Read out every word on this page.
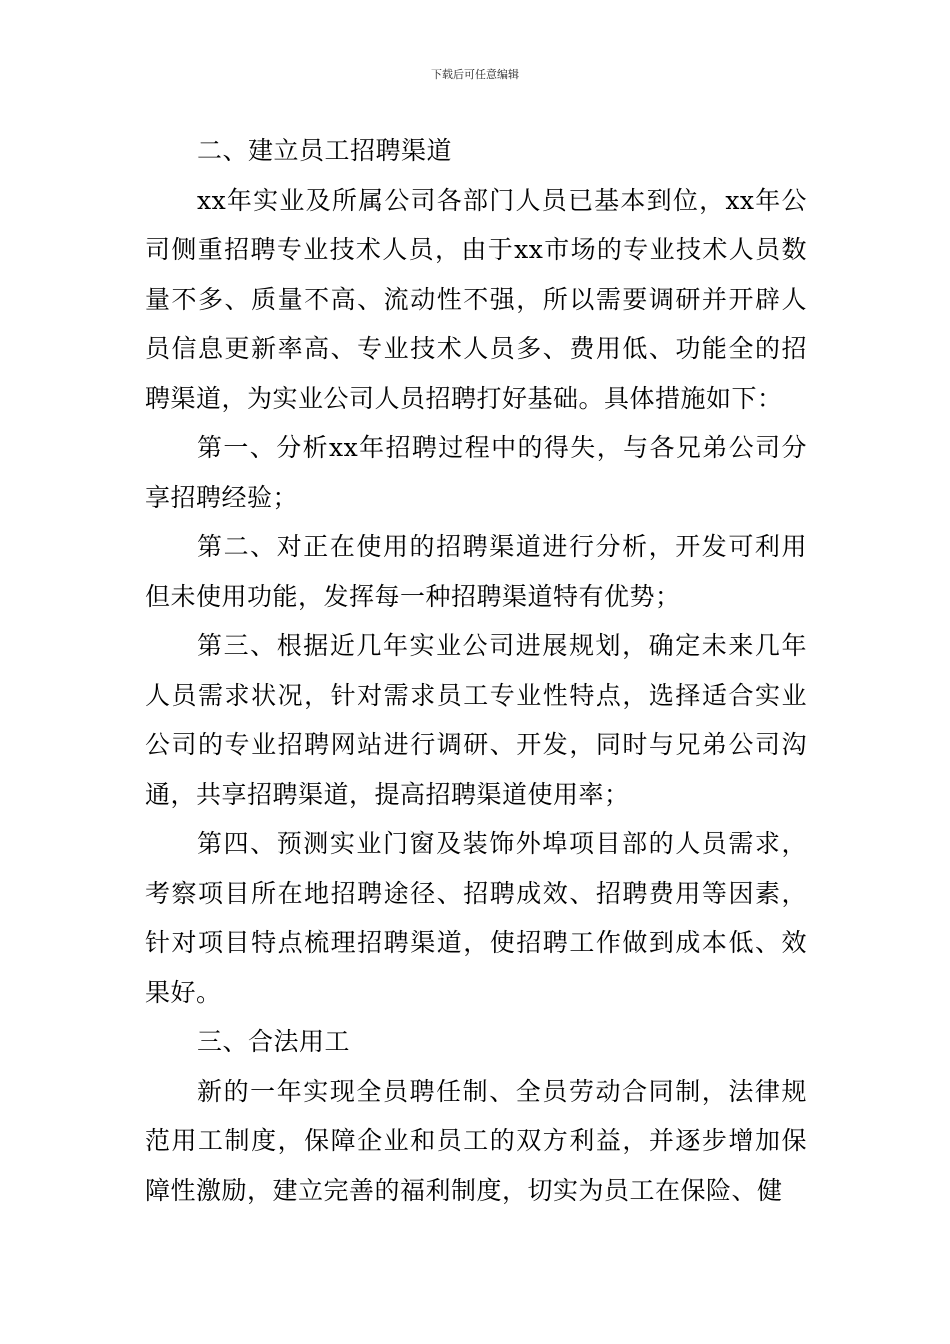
下载后可任意编辑

二、建立员工招聘渠道

xx年实业及所属公司各部门人员已基本到位，xx年公司侧重招聘专业技术人员，由于xx市场的专业技术人员数量不多、质量不高、流动性不强，所以需要调研并开辟人员信息更新率高、专业技术人员多、费用低、功能全的招聘渠道，为实业公司人员招聘打好基础。具体措施如下：

第一、分析xx年招聘过程中的得失，与各兄弟公司分享招聘经验；

第二、对正在使用的招聘渠道进行分析，开发可利用但未使用功能，发挥每一种招聘渠道特有优势；

第三、根据近几年实业公司进展规划，确定未来几年人员需求状况，针对需求员工专业性特点，选择适合实业公司的专业招聘网站进行调研、开发，同时与兄弟公司沟通，共享招聘渠道，提高招聘渠道使用率；

第四、预测实业门窗及装饰外埠项目部的人员需求，考察项目所在地招聘途径、招聘成效、招聘费用等因素，针对项目特点梳理招聘渠道，使招聘工作做到成本低、效果好。

三、合法用工

新的一年实现全员聘任制、全员劳动合同制，法律规范用工制度，保障企业和员工的双方利益，并逐步增加保障性激励，建立完善的福利制度，切实为员工在保险、健
